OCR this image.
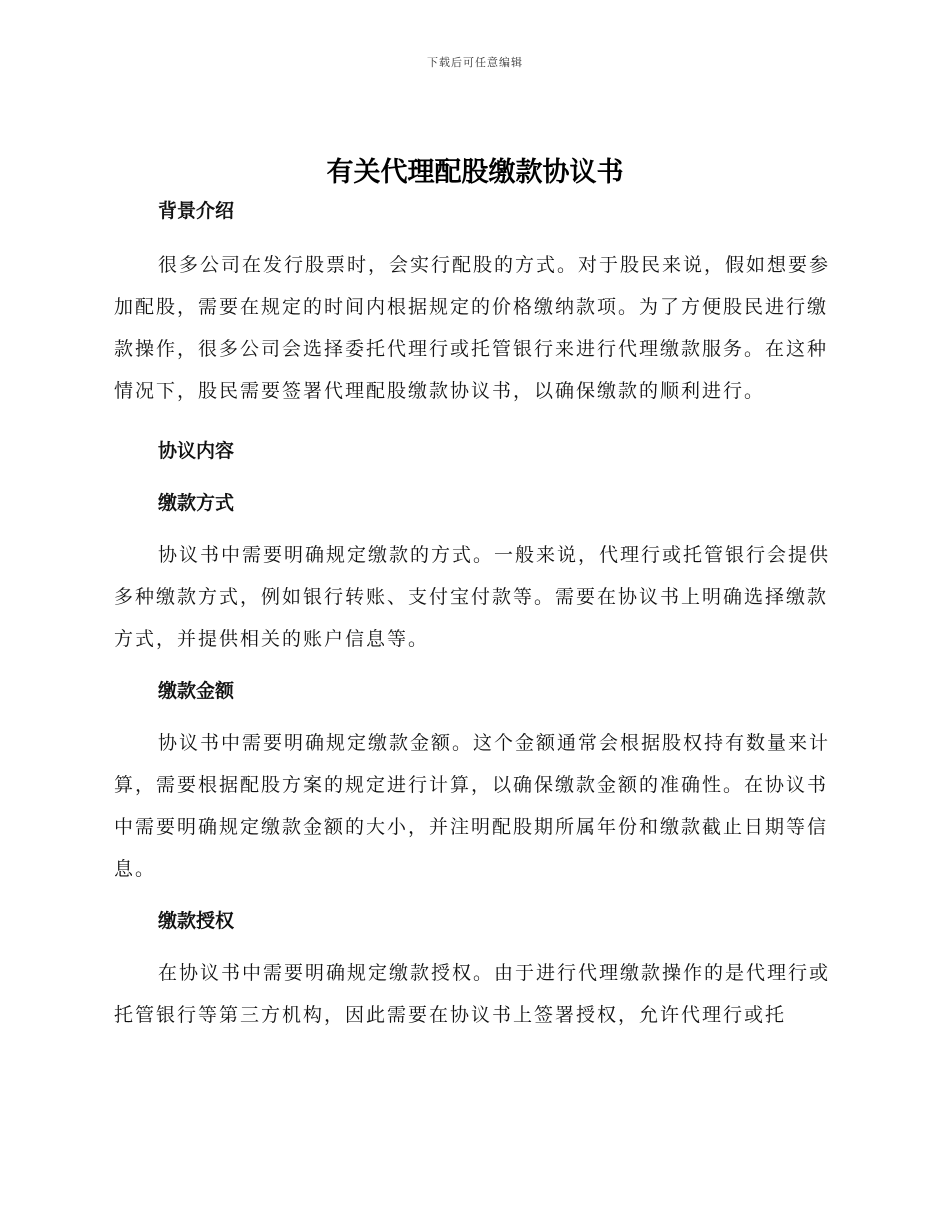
下载后可任意编辑
有关代理配股缴款协议书

背景介绍

很多公司在发行股票时，会实行配股的方式。对于股民来说，假如想要参加配股，需要在规定的时间内根据规定的价格缴纳款项。为了方便股民进行缴款操作，很多公司会选择委托代理行或托管银行来进行代理缴款服务。在这种情况下，股民需要签署代理配股缴款协议书，以确保缴款的顺利进行。

协议内容

缴款方式

协议书中需要明确规定缴款的方式。一般来说，代理行或托管银行会提供多种缴款方式，例如银行转账、支付宝付款等。需要在协议书上明确选择缴款方式，并提供相关的账户信息等。

缴款金额

协议书中需要明确规定缴款金额。这个金额通常会根据股权持有数量来计算，需要根据配股方案的规定进行计算，以确保缴款金额的准确性。在协议书中需要明确规定缴款金额的大小，并注明配股期所属年份和缴款截止日期等信息。

缴款授权

在协议书中需要明确规定缴款授权。由于进行代理缴款操作的是代理行或托管银行等第三方机构，因此需要在协议书上签署授权，允许代理行或托
